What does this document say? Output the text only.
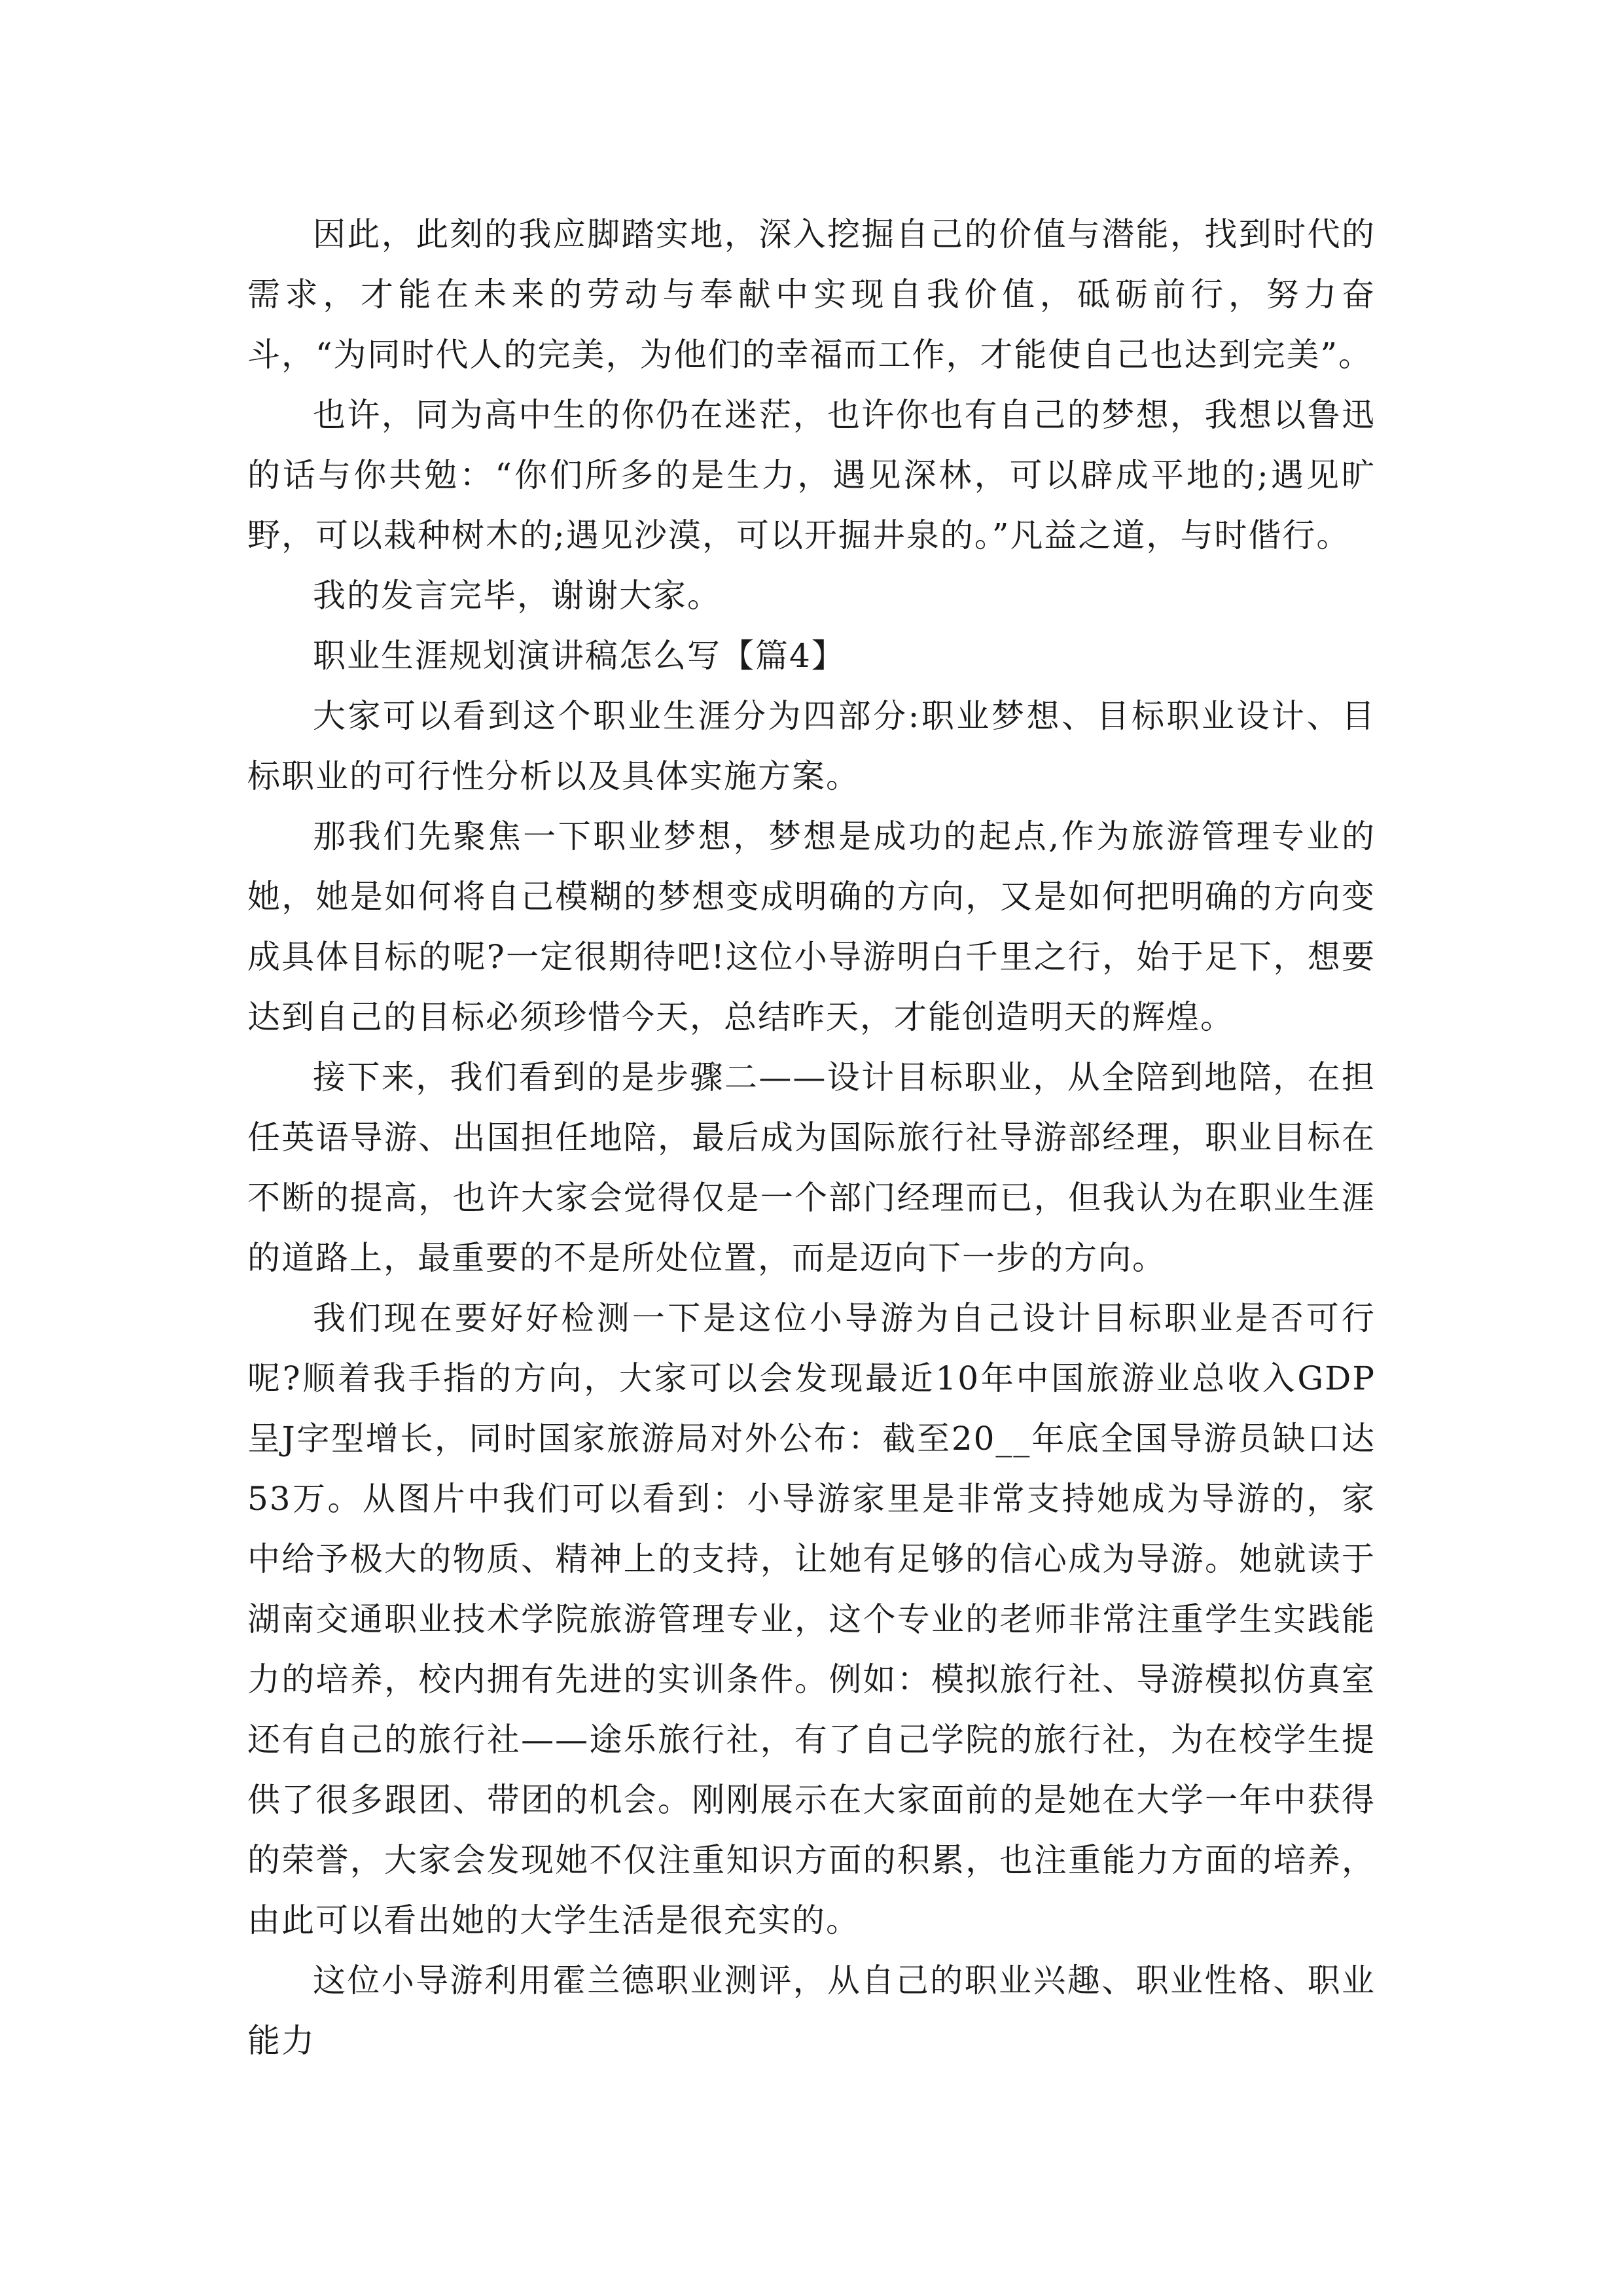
因此，此刻的我应脚踏实地，深入挖掘自己的价值与潜能，找到时代的需求，才能在未来的劳动与奉献中实现自我价值，砥砺前行，努力奋斗，“为同时代人的完美，为他们的幸福而工作，才能使自己也达到完美”。

也许，同为高中生的你仍在迷茫，也许你也有自己的梦想，我想以鲁迅的话与你共勉：“你们所多的是生力，遇见深林，可以辟成平地的;遇见旷野，可以栽种树木的;遇见沙漠，可以开掘井泉的。”凡益之道，与时偕行。

我的发言完毕，谢谢大家。

职业生涯规划演讲稿怎么写【篇4】

大家可以看到这个职业生涯分为四部分:职业梦想、目标职业设计、目标职业的可行性分析以及具体实施方案。

那我们先聚焦一下职业梦想，梦想是成功的起点,作为旅游管理专业的她，她是如何将自己模糊的梦想变成明确的方向，又是如何把明确的方向变成具体目标的呢?一定很期待吧!这位小导游明白千里之行，始于足下，想要达到自己的目标必须珍惜今天，总结昨天，才能创造明天的辉煌。

接下来，我们看到的是步骤二——设计目标职业，从全陪到地陪，在担任英语导游、出国担任地陪，最后成为国际旅行社导游部经理，职业目标在不断的提高，也许大家会觉得仅是一个部门经理而已，但我认为在职业生涯的道路上，最重要的不是所处位置，而是迈向下一步的方向。

我们现在要好好检测一下是这位小导游为自己设计目标职业是否可行呢?顺着我手指的方向，大家可以会发现最近10年中国旅游业总收入GDP呈J字型增长，同时国家旅游局对外公布：截至20__年底全国导游员缺口达53万。从图片中我们可以看到：小导游家里是非常支持她成为导游的，家中给予极大的物质、精神上的支持，让她有足够的信心成为导游。她就读于湖南交通职业技术学院旅游管理专业，这个专业的老师非常注重学生实践能力的培养，校内拥有先进的实训条件。例如：模拟旅行社、导游模拟仿真室还有自己的旅行社——途乐旅行社，有了自己学院的旅行社，为在校学生提供了很多跟团、带团的机会。刚刚展示在大家面前的是她在大学一年中获得的荣誉，大家会发现她不仅注重知识方面的积累，也注重能力方面的培养，由此可以看出她的大学生活是很充实的。

这位小导游利用霍兰德职业测评，从自己的职业兴趣、职业性格、职业能力
